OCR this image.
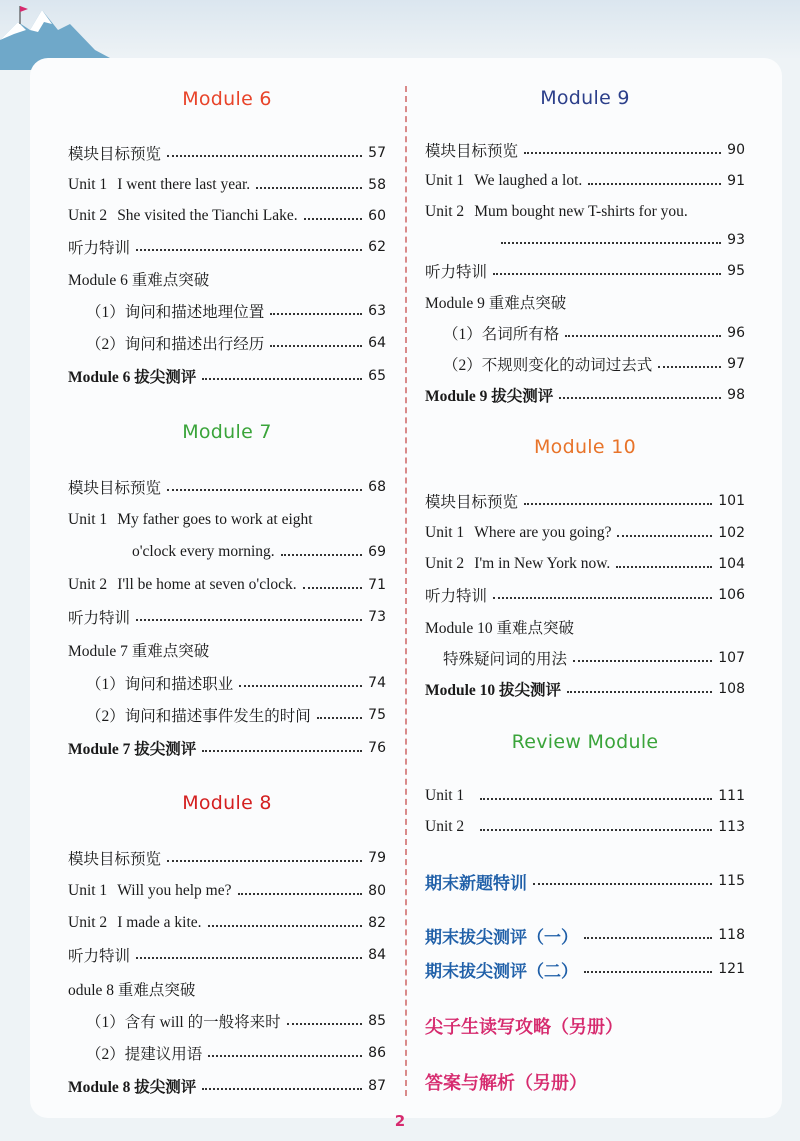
Module 6
模块目标预览	57
Unit 1 I went there last year.	58
Unit 2 She visited the Tianchi Lake.	60
听力特训	62
Module 6 重难点突破
（1）询问和描述地理位置	63
（2）询问和描述出行经历	64
Module 6 拔尖测评	65
Module 7
模块目标预览	68
Unit 1 My father goes to work at eight
o'clock every morning.	69
Unit 2 I'll be home at seven o'clock.	71
听力特训	73
Module 7 重难点突破
（1）询问和描述职业	74
（2）询问和描述事件发生的时间	75
Module 7 拔尖测评	76
Module 8
模块目标预览	79
Unit 1 Will you help me?	80
Unit 2 I made a kite.	82
听力特训	84
odule 8 重难点突破
（1）含有 will 的一般将来时	85
（2）提建议用语	86
Module 8 拔尖测评	87
Module 9
模块目标预览	90
Unit 1 We laughed a lot.	91
Unit 2 Mum bought new T-shirts for you.
93
听力特训	95
Module 9 重难点突破
（1）名词所有格	96
（2）不规则变化的动词过去式	97
Module 9 拔尖测评	98
Module 10
模块目标预览	101
Unit 1 Where are you going?	102
Unit 2 I'm in New York now.	104
听力特训	106
Module 10 重难点突破
特殊疑问词的用法	107
Module 10 拔尖测评	108
Review Module
Unit 1	111
Unit 2	113
期末新题特训	115
期末拔尖测评（一）	118
期末拔尖测评（二）	121
尖子生读写攻略（另册）
答案与解析（另册）
2
